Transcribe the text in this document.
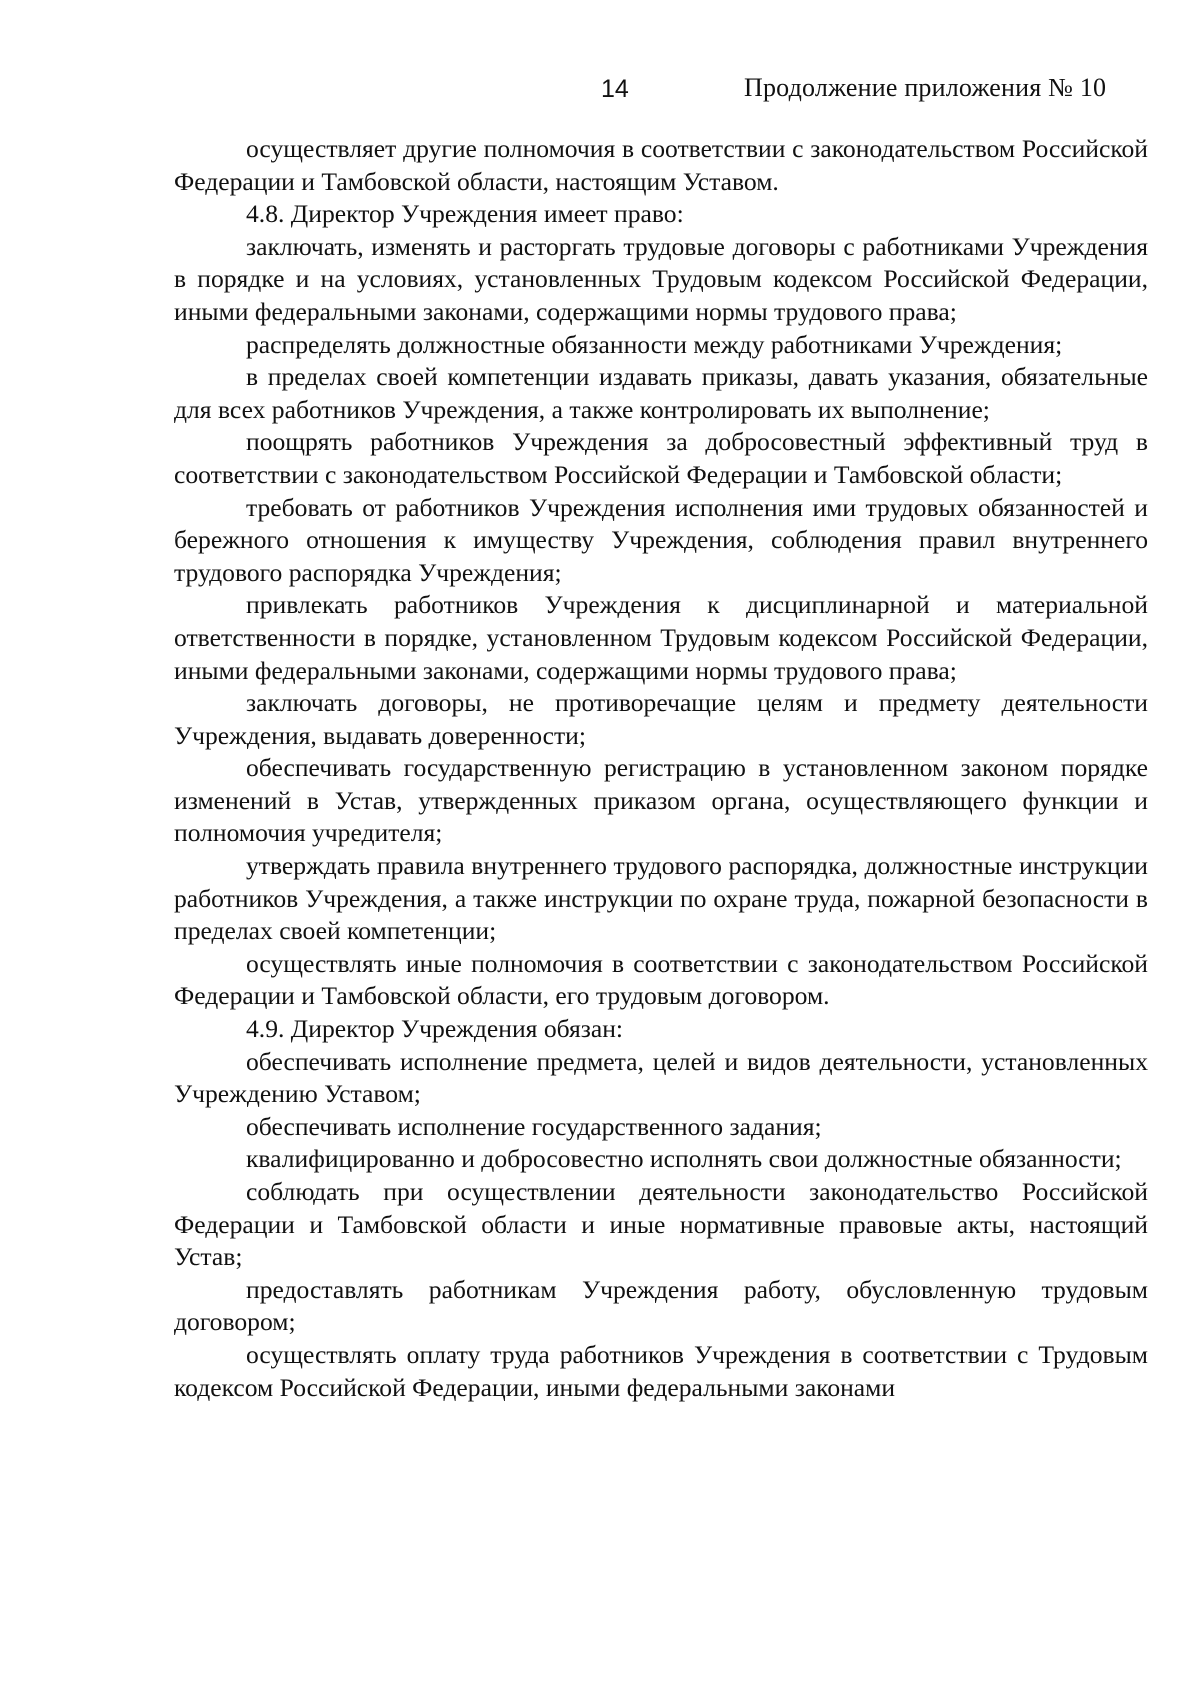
14	Продолжение приложения № 10

осуществляет другие полномочия в соответствии с законодательством Российской Федерации и Тамбовской области, настоящим Уставом.

4.8. Директор Учреждения имеет право:

заключать, изменять и расторгать трудовые договоры с работниками Учреждения в порядке и на условиях, установленных Трудовым кодексом Российской Федерации, иными федеральными законами, содержащими нормы трудового права;

распределять должностные обязанности между работниками Учреждения;

в пределах своей компетенции издавать приказы, давать указания, обязательные для всех работников Учреждения, а также контролировать их выполнение;

поощрять работников Учреждения за добросовестный эффективный труд в соответствии с законодательством Российской Федерации и Тамбовской области;

требовать от работников Учреждения исполнения ими трудовых обязанностей и бережного отношения к имуществу Учреждения, соблюдения правил внутреннего трудового распорядка Учреждения;

привлекать работников Учреждения к дисциплинарной и материальной ответственности в порядке, установленном Трудовым кодексом Российской Федерации, иными федеральными законами, содержащими нормы трудового права;

заключать договоры, не противоречащие целям и предмету деятельности Учреждения, выдавать доверенности;

обеспечивать государственную регистрацию в установленном законом порядке изменений в Устав, утвержденных приказом органа, осуществляющего функции и полномочия учредителя;

утверждать правила внутреннего трудового распорядка, должностные инструкции работников Учреждения, а также инструкции по охране труда, пожарной безопасности в пределах своей компетенции;

осуществлять иные полномочия в соответствии с законодательством Российской Федерации и Тамбовской области, его трудовым договором.

4.9. Директор Учреждения обязан:

обеспечивать исполнение предмета, целей и видов деятельности, установленных Учреждению Уставом;

обеспечивать исполнение государственного задания;

квалифицированно и добросовестно исполнять свои должностные обязанности;

соблюдать при осуществлении деятельности законодательство Российской Федерации и Тамбовской области и иные нормативные правовые акты, настоящий Устав;

предоставлять работникам Учреждения работу, обусловленную трудовым договором;

осуществлять оплату труда работников Учреждения в соответствии с Трудовым кодексом Российской Федерации, иными федеральными законами
